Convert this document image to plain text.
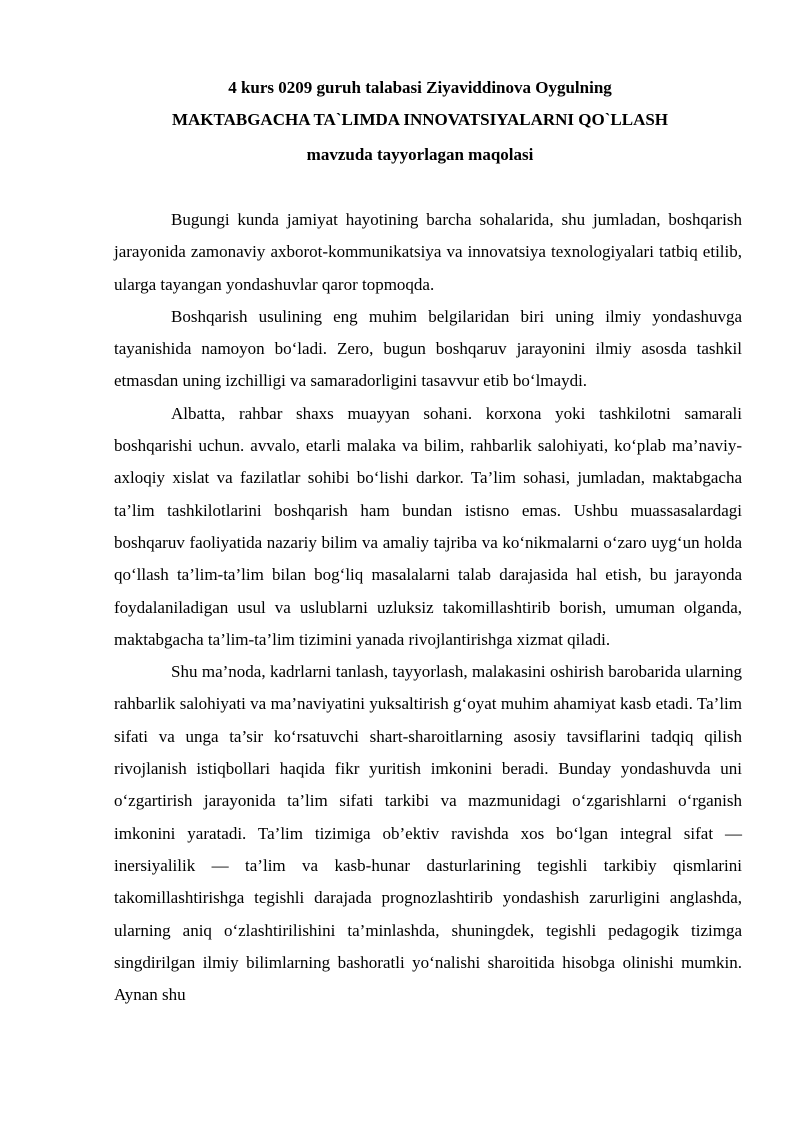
4 kurs 0209 guruh talabasi Ziyaviddinova Oygulning
MAKTABGACHA TA`LIMDA INNOVATSIYALARNI QO`LLASH
mavzuda tayyorlagan maqolasi

Bugungi kunda jamiyat hayotining barcha sohalarida, shu jumladan, boshqarish jarayonida zamonaviy axborot-kommunikatsiya va innovatsiya texnologiyalari tatbiq etilib, ularga tayangan yondashuvlar qaror topmoqda.

Boshqarish usulining eng muhim belgilaridan biri uning ilmiy yondashuvga tayanishida namoyon bo‘ladi. Zero, bugun boshqaruv jarayonini ilmiy asosda tashkil etmasdan uning izchilligi va samaradorligini tasavvur etib bo‘lmaydi.

Albatta, rahbar shaxs muayyan sohani. korxona yoki tashkilotni samarali boshqarishi uchun. avvalo, etarli malaka va bilim, rahbarlik salohiyati, ko‘plab ma’naviy-axloqiy xislat va fazilatlar sohibi bo‘lishi darkor. Ta’lim sohasi, jumladan, maktabgacha ta’lim tashkilotlarini boshqarish ham bundan istisno emas. Ushbu muassasalardagi boshqaruv faoliyatida nazariy bilim va amaliy tajriba va ko‘nikmalarni o‘zaro uyg‘un holda qo‘llash ta’lim-ta’lim bilan bog‘liq masalalarni talab darajasida hal etish, bu jarayonda foydalaniladigan usul va uslublarni uzluksiz takomillashtirib borish, umuman olganda, maktabgacha ta’lim-ta’lim tizimini yanada rivojlantirishga xizmat qiladi.

Shu ma’noda, kadrlarni tanlash, tayyorlash, malakasini oshirish barobarida ularning rahbarlik salohiyati va ma’naviyatini yuksaltirish g‘oyat muhim ahamiyat kasb etadi. Ta’lim sifati va unga ta’sir ko‘rsatuvchi shart-sharoitlarning asosiy tavsiflarini tadqiq qilish rivojlanish istiqbollari haqida fikr yuritish imkonini beradi. Bunday yondashuvda uni o‘zgartirish jarayonida ta’lim sifati tarkibi va mazmunidagi o‘zgarishlarni o‘rganish imkonini yaratadi. Ta’lim tizimiga ob’ektiv ravishda xos bo‘lgan integral sifat — inersiyalilik — ta’lim va kasb-hunar dasturlarining tegishli tarkibiy qismlarini takomillashtirishga tegishli darajada prognozlashtirib yondashish zarurligini anglashda, ularning aniq o‘zlashtirilishini ta’minlashda, shuningdek, tegishli pedagogik tizimga singdirilgan ilmiy bilimlarning bashoratli yo‘nalishi sharoitida hisobga olinishi mumkin. Aynan shu
